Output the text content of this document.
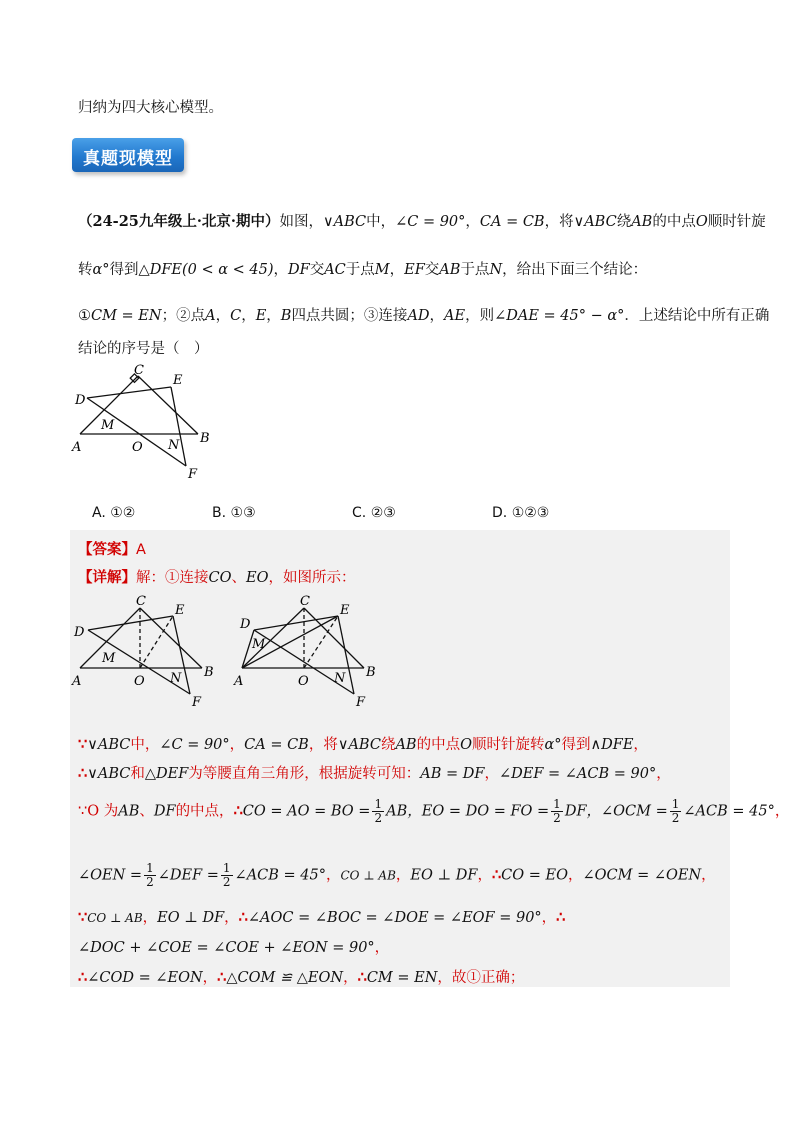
归纳为四大核心模型。
真题现模型
（24-25九年级上·北京·期中）如图，∨ABC中，∠C = 90°，CA = CB，将∨ABC绕AB的中点O顺时针旋
转α°得到△DFE(0 < α < 45)，DF交AC于点M，EF交AB于点N，给出下面三个结论：
①CM = EN；②点A，C，E，B四点共圆；③连接AD，AE，则∠DAE = 45° − α°．上述结论中所有正确
结论的序号是（　）
C
E
D
M
A	O N B
F
A. ①②	B. ①③	C. ②③	D. ①②③
【答案】A
【详解】解：①连接CO、EO，如图所示：
C
E
D
M
A	O N B
F
C
E
D
M
A	O N B
F
∵∨ABC中，∠C = 90°，CA = CB，将∨ABC绕AB的中点O顺时针旋转α°得到∧DFE，
∴∨ABC和△DEF为等腰直角三角形，根据旋转可知：AB = DF，∠DEF = ∠ACB = 90°，
∵O 为AB、DF的中点，∴CO = AO = BO = $\frac{1}{2}$ AB，EO = DO = FO = $\frac{1}{2}$ DF，∠OCM = $\frac{1}{2}$ ∠ACB = 45°，
∠OEN = $\frac{1}{2}$ ∠DEF = $\frac{1}{2}$ ∠ACB = 45°，CO ⊥ AB，EO ⊥ DF，∴CO = EO，∠OCM = ∠OEN，
∵CO ⊥ AB，EO ⊥ DF，∴∠AOC = ∠BOC = ∠DOE = ∠EOF = 90°，∴
∠DOC + ∠COE = ∠COE + ∠EON = 90°，
∴∠COD = ∠EON，∴△COM ≌ △EON，∴CM = EN，故①正确；
